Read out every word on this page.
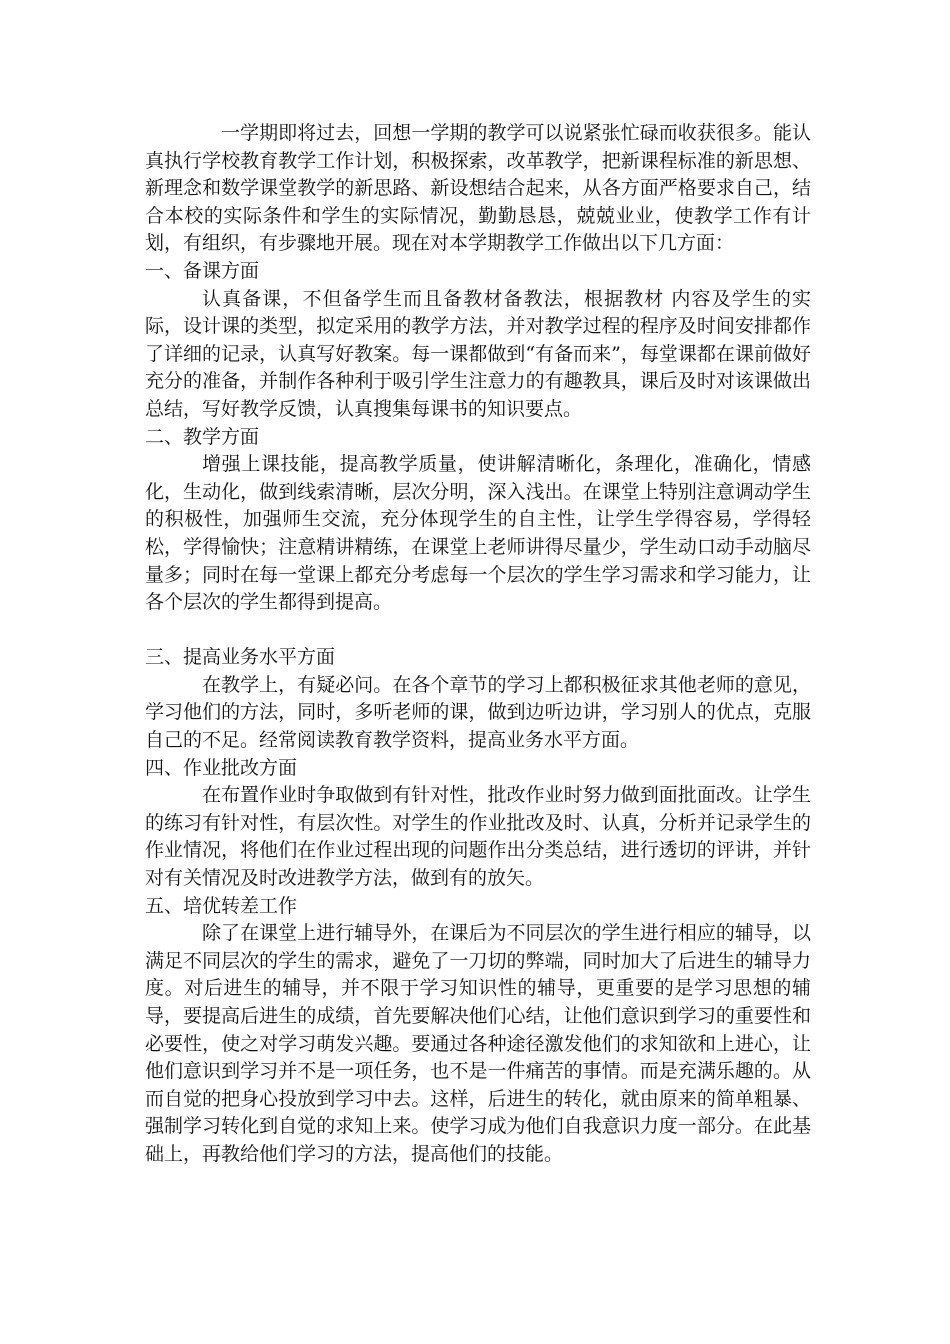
一学期即将过去，回想一学期的教学可以说紧张忙碌而收获很多。能认真执行学校教育教学工作计划，积极探索，改革教学，把新课程标准的新思想、新理念和数学课堂教学的新思路、新设想结合起来，从各方面严格要求自己，结合本校的实际条件和学生的实际情况，勤勤恳恳，兢兢业业，使教学工作有计划，有组织，有步骤地开展。现在对本学期教学工作做出以下几方面：

一、备课方面

认真备课，不但备学生而且备教材备教法，根据教材 内容及学生的实际，设计课的类型，拟定采用的教学方法，并对教学过程的程序及时间安排都作了详细的记录，认真写好教案。每一课都做到“有备而来”，每堂课都在课前做好充分的准备，并制作各种利于吸引学生注意力的有趣教具，课后及时对该课做出总结，写好教学反馈，认真搜集每课书的知识要点。

二、教学方面

增强上课技能，提高教学质量，使讲解清晰化，条理化，准确化，情感化，生动化，做到线索清晰，层次分明，深入浅出。在课堂上特别注意调动学生的积极性，加强师生交流，充分体现学生的自主性，让学生学得容易，学得轻松，学得愉快；注意精讲精练，在课堂上老师讲得尽量少，学生动口动手动脑尽量多；同时在每一堂课上都充分考虑每一个层次的学生学习需求和学习能力，让各个层次的学生都得到提高。

三、提高业务水平方面

在教学上，有疑必问。在各个章节的学习上都积极征求其他老师的意见，学习他们的方法，同时，多听老师的课，做到边听边讲，学习别人的优点，克服自己的不足。经常阅读教育教学资料，提高业务水平方面。

四、作业批改方面

在布置作业时争取做到有针对性，批改作业时努力做到面批面改。让学生的练习有针对性，有层次性。对学生的作业批改及时、认真，分析并记录学生的作业情况，将他们在作业过程出现的问题作出分类总结，进行透切的评讲，并针对有关情况及时改进教学方法，做到有的放矢。

五、培优转差工作

除了在课堂上进行辅导外，在课后为不同层次的学生进行相应的辅导，以满足不同层次的学生的需求，避免了一刀切的弊端，同时加大了后进生的辅导力度。对后进生的辅导，并不限于学习知识性的辅导，更重要的是学习思想的辅导，要提高后进生的成绩，首先要解决他们心结，让他们意识到学习的重要性和必要性，使之对学习萌发兴趣。要通过各种途径激发他们的求知欲和上进心，让他们意识到学习并不是一项任务，也不是一件痛苦的事情。而是充满乐趣的。从而自觉的把身心投放到学习中去。这样，后进生的转化，就由原来的简单粗暴、强制学习转化到自觉的求知上来。使学习成为他们自我意识力度一部分。在此基础上，再教给他们学习的方法，提高他们的技能。
